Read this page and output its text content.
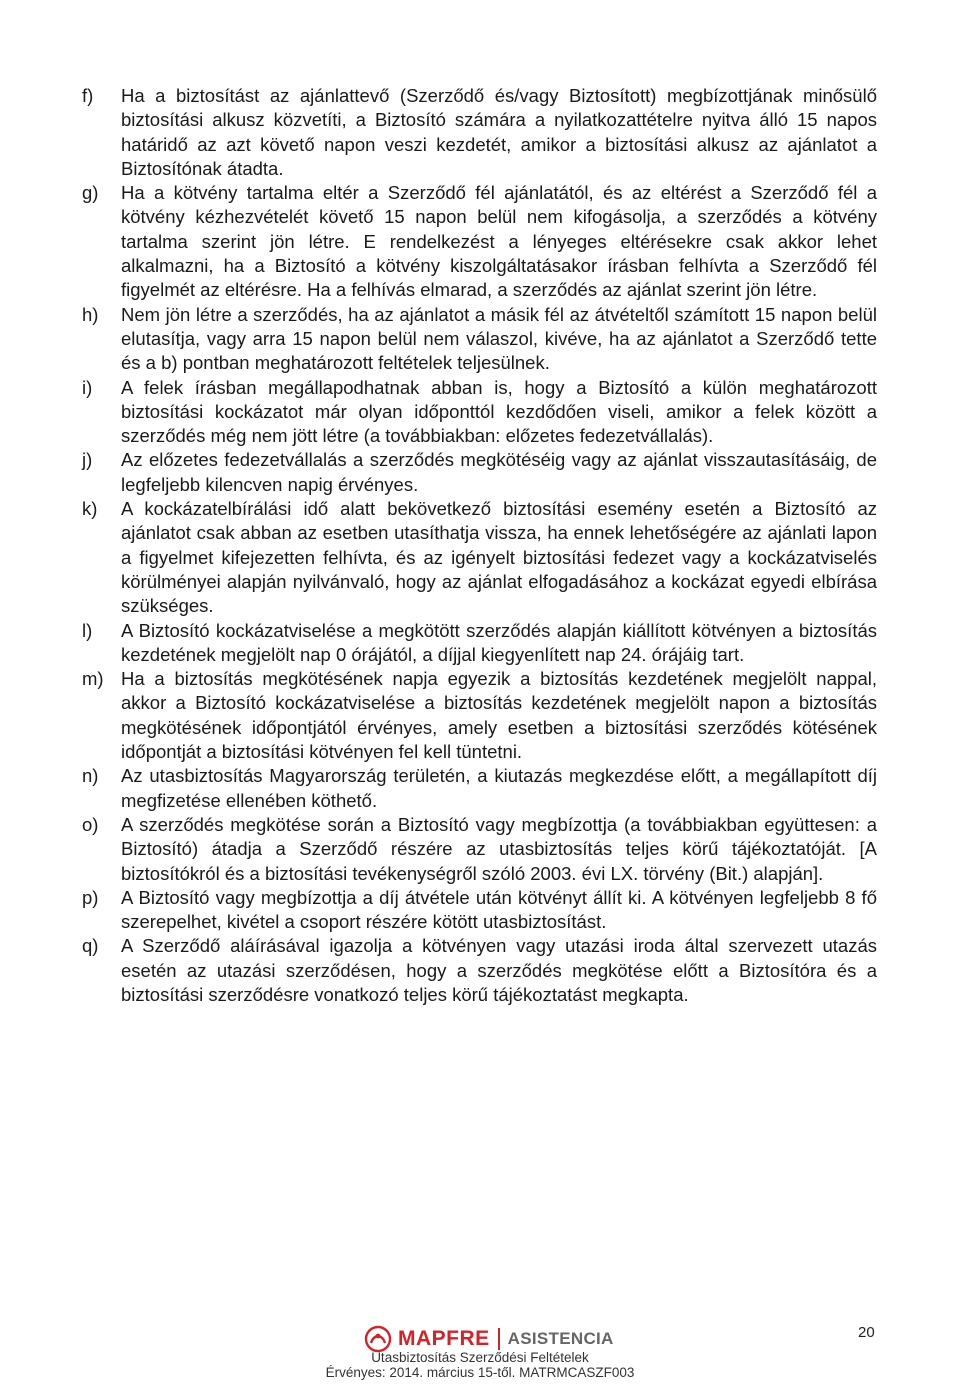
f)	Ha a biztosítást az ajánlattevő (Szerződő és/vagy Biztosított) megbízottjának minősülő biztosítási alkusz közvetíti, a Biztosító számára a nyilatkozattételre nyitva álló 15 napos határidő az azt követő napon veszi kezdetét, amikor a biztosítási alkusz az ajánlatot a Biztosítónak átadta.
g)	Ha a kötvény tartalma eltér a Szerződő fél ajánlatától, és az eltérést a Szerződő fél a kötvény kézhezvételét követő 15 napon belül nem kifogásolja, a szerződés a kötvény tartalma szerint jön létre. E rendelkezést a lényeges eltérésekre csak akkor lehet alkalmazni, ha a Biztosító a kötvény kiszolgáltatásakor írásban felhívta a Szerződő fél figyelmét az eltérésre. Ha a felhívás elmarad, a szerződés az ajánlat szerint jön létre.
h)	Nem jön létre a szerződés, ha az ajánlatot a másik fél az átvételtől számított 15 napon belül elutasítja, vagy arra 15 napon belül nem válaszol, kivéve, ha az ajánlatot a Szerződő tette és a b) pontban meghatározott feltételek teljesülnek.
i)	A felek írásban megállapodhatnak abban is, hogy a Biztosító a külön meghatározott biztosítási kockázatot már olyan időponttól kezdődően viseli, amikor a felek között a szerződés még nem jött létre (a továbbiakban: előzetes fedezetvállalás).
j)	Az előzetes fedezetvállalás a szerződés megkötéséig vagy az ajánlat visszautasításáig, de legfeljebb kilencven napig érvényes.
k)	A kockázatelbírálási idő alatt bekövetkező biztosítási esemény esetén a Biztosító az ajánlatot csak abban az esetben utasíthatja vissza, ha ennek lehetőségére az ajánlati lapon a figyelmet kifejezetten felhívta, és az igényelt biztosítási fedezet vagy a kockázatviselés körülményei alapján nyilvánvaló, hogy az ajánlat elfogadásához a kockázat egyedi elbírása szükséges.
l)	A Biztosító kockázatviselése a megkötött szerződés alapján kiállított kötvényen a biztosítás kezdetének megjelölt nap 0 órájától, a díjjal kiegyenlített nap 24. órájáig tart.
m) Ha a biztosítás megkötésének napja egyezik a biztosítás kezdetének megjelölt nappal, akkor a Biztosító kockázatviselése a biztosítás kezdetének megjelölt napon a biztosítás megkötésének időpontjától érvényes, amely esetben a biztosítási szerződés kötésének időpontját a biztosítási kötvényen fel kell tüntetni.
n)	Az utasbiztosítás Magyarország területén, a kiutazás megkezdése előtt, a megállapított díj megfizetése ellenében köthető.
o)	A szerződés megkötése során a Biztosító vagy megbízottja (a továbbiakban együttesen: a Biztosító) átadja a Szerződő részére az utasbiztosítás teljes körű tájékoztatóját. [A biztosítókról és a biztosítási tevékenységről szóló 2003. évi LX. törvény (Bit.) alapján].
p)	A Biztosító vagy megbízottja a díj átvétele után kötvényt állít ki. A kötvényen legfeljebb 8 fő szerepelhet, kivétel a csoport részére kötött utasbiztosítást.
q)	A Szerződő aláírásával igazolja a kötvényen vagy utazási iroda által szervezett utazás esetén az utazási szerződésen, hogy a szerződés megkötése előtt a Biztosítóra és a biztosítási szerződésre vonatkozó teljes körű tájékoztatást megkapta.
MAPFRE ASISTENCIA
Utasbiztosítás Szerződési Feltételek
Érvényes: 2014. március 15-től. MATRMCASZF003
20
